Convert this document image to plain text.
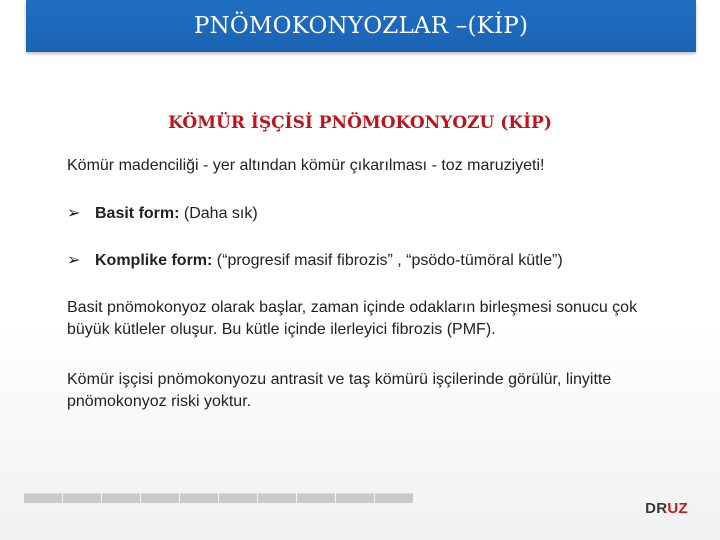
PNÖMOKONYOZLAR –(KİP)
KÖMÜR İŞÇİSİ PNÖMOKONYOZU (KİP)

Kömür madenciliği - yer altından kömür çıkarılması - toz maruziyeti!

➢ Basit form: (Daha sık)
➢ Komplike form: (“progresif masif fibrozis” , “psödo-tümöral kütle”)

Basit pnömokonyoz olarak başlar, zaman içinde odakların birleşmesi sonucu çok büyük kütleler oluşur. Bu kütle içinde ilerleyici fibrozis (PMF).

Kömür işçisi pnömokonyozu antrasit ve taş kömürü işçilerinde görülür, linyitte pnömokonyoz riski yoktur.

DRUZ
